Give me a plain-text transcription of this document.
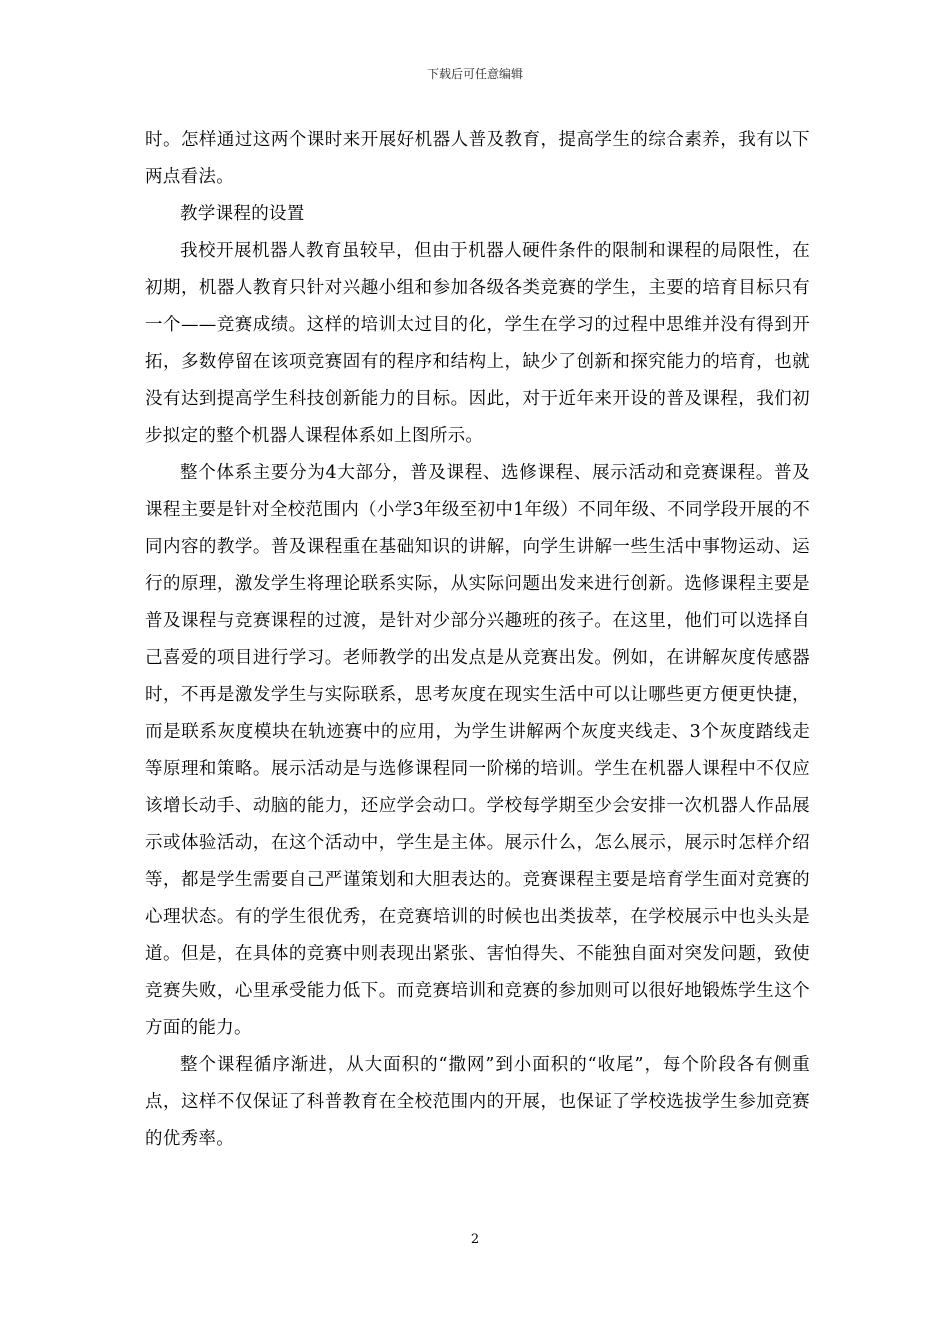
下载后可任意编辑

时。怎样通过这两个课时来开展好机器人普及教育，提高学生的综合素养，我有以下两点看法。

教学课程的设置

我校开展机器人教育虽较早，但由于机器人硬件条件的限制和课程的局限性，在初期，机器人教育只针对兴趣小组和参加各级各类竞赛的学生，主要的培育目标只有一个——竞赛成绩。这样的培训太过目的化，学生在学习的过程中思维并没有得到开拓，多数停留在该项竞赛固有的程序和结构上，缺少了创新和探究能力的培育，也就没有达到提高学生科技创新能力的目标。因此，对于近年来开设的普及课程，我们初步拟定的整个机器人课程体系如上图所示。

整个体系主要分为4大部分，普及课程、选修课程、展示活动和竞赛课程。普及课程主要是针对全校范围内（小学3年级至初中1年级）不同年级、不同学段开展的不同内容的教学。普及课程重在基础知识的讲解，向学生讲解一些生活中事物运动、运行的原理，激发学生将理论联系实际，从实际问题出发来进行创新。选修课程主要是普及课程与竞赛课程的过渡，是针对少部分兴趣班的孩子。在这里，他们可以选择自己喜爱的项目进行学习。老师教学的出发点是从竞赛出发。例如，在讲解灰度传感器时，不再是激发学生与实际联系，思考灰度在现实生活中可以让哪些更方便更快捷，而是联系灰度模块在轨迹赛中的应用，为学生讲解两个灰度夹线走、3个灰度踏线走等原理和策略。展示活动是与选修课程同一阶梯的培训。学生在机器人课程中不仅应该增长动手、动脑的能力，还应学会动口。学校每学期至少会安排一次机器人作品展示或体验活动，在这个活动中，学生是主体。展示什么，怎么展示，展示时怎样介绍等，都是学生需要自己严谨策划和大胆表达的。竞赛课程主要是培育学生面对竞赛的心理状态。有的学生很优秀，在竞赛培训的时候也出类拔萃，在学校展示中也头头是道。但是，在具体的竞赛中则表现出紧张、害怕得失、不能独自面对突发问题，致使竞赛失败，心里承受能力低下。而竞赛培训和竞赛的参加则可以很好地锻炼学生这个方面的能力。

整个课程循序渐进，从大面积的“撒网”到小面积的“收尾”，每个阶段各有侧重点，这样不仅保证了科普教育在全校范围内的开展，也保证了学校选拔学生参加竞赛的优秀率。

2
